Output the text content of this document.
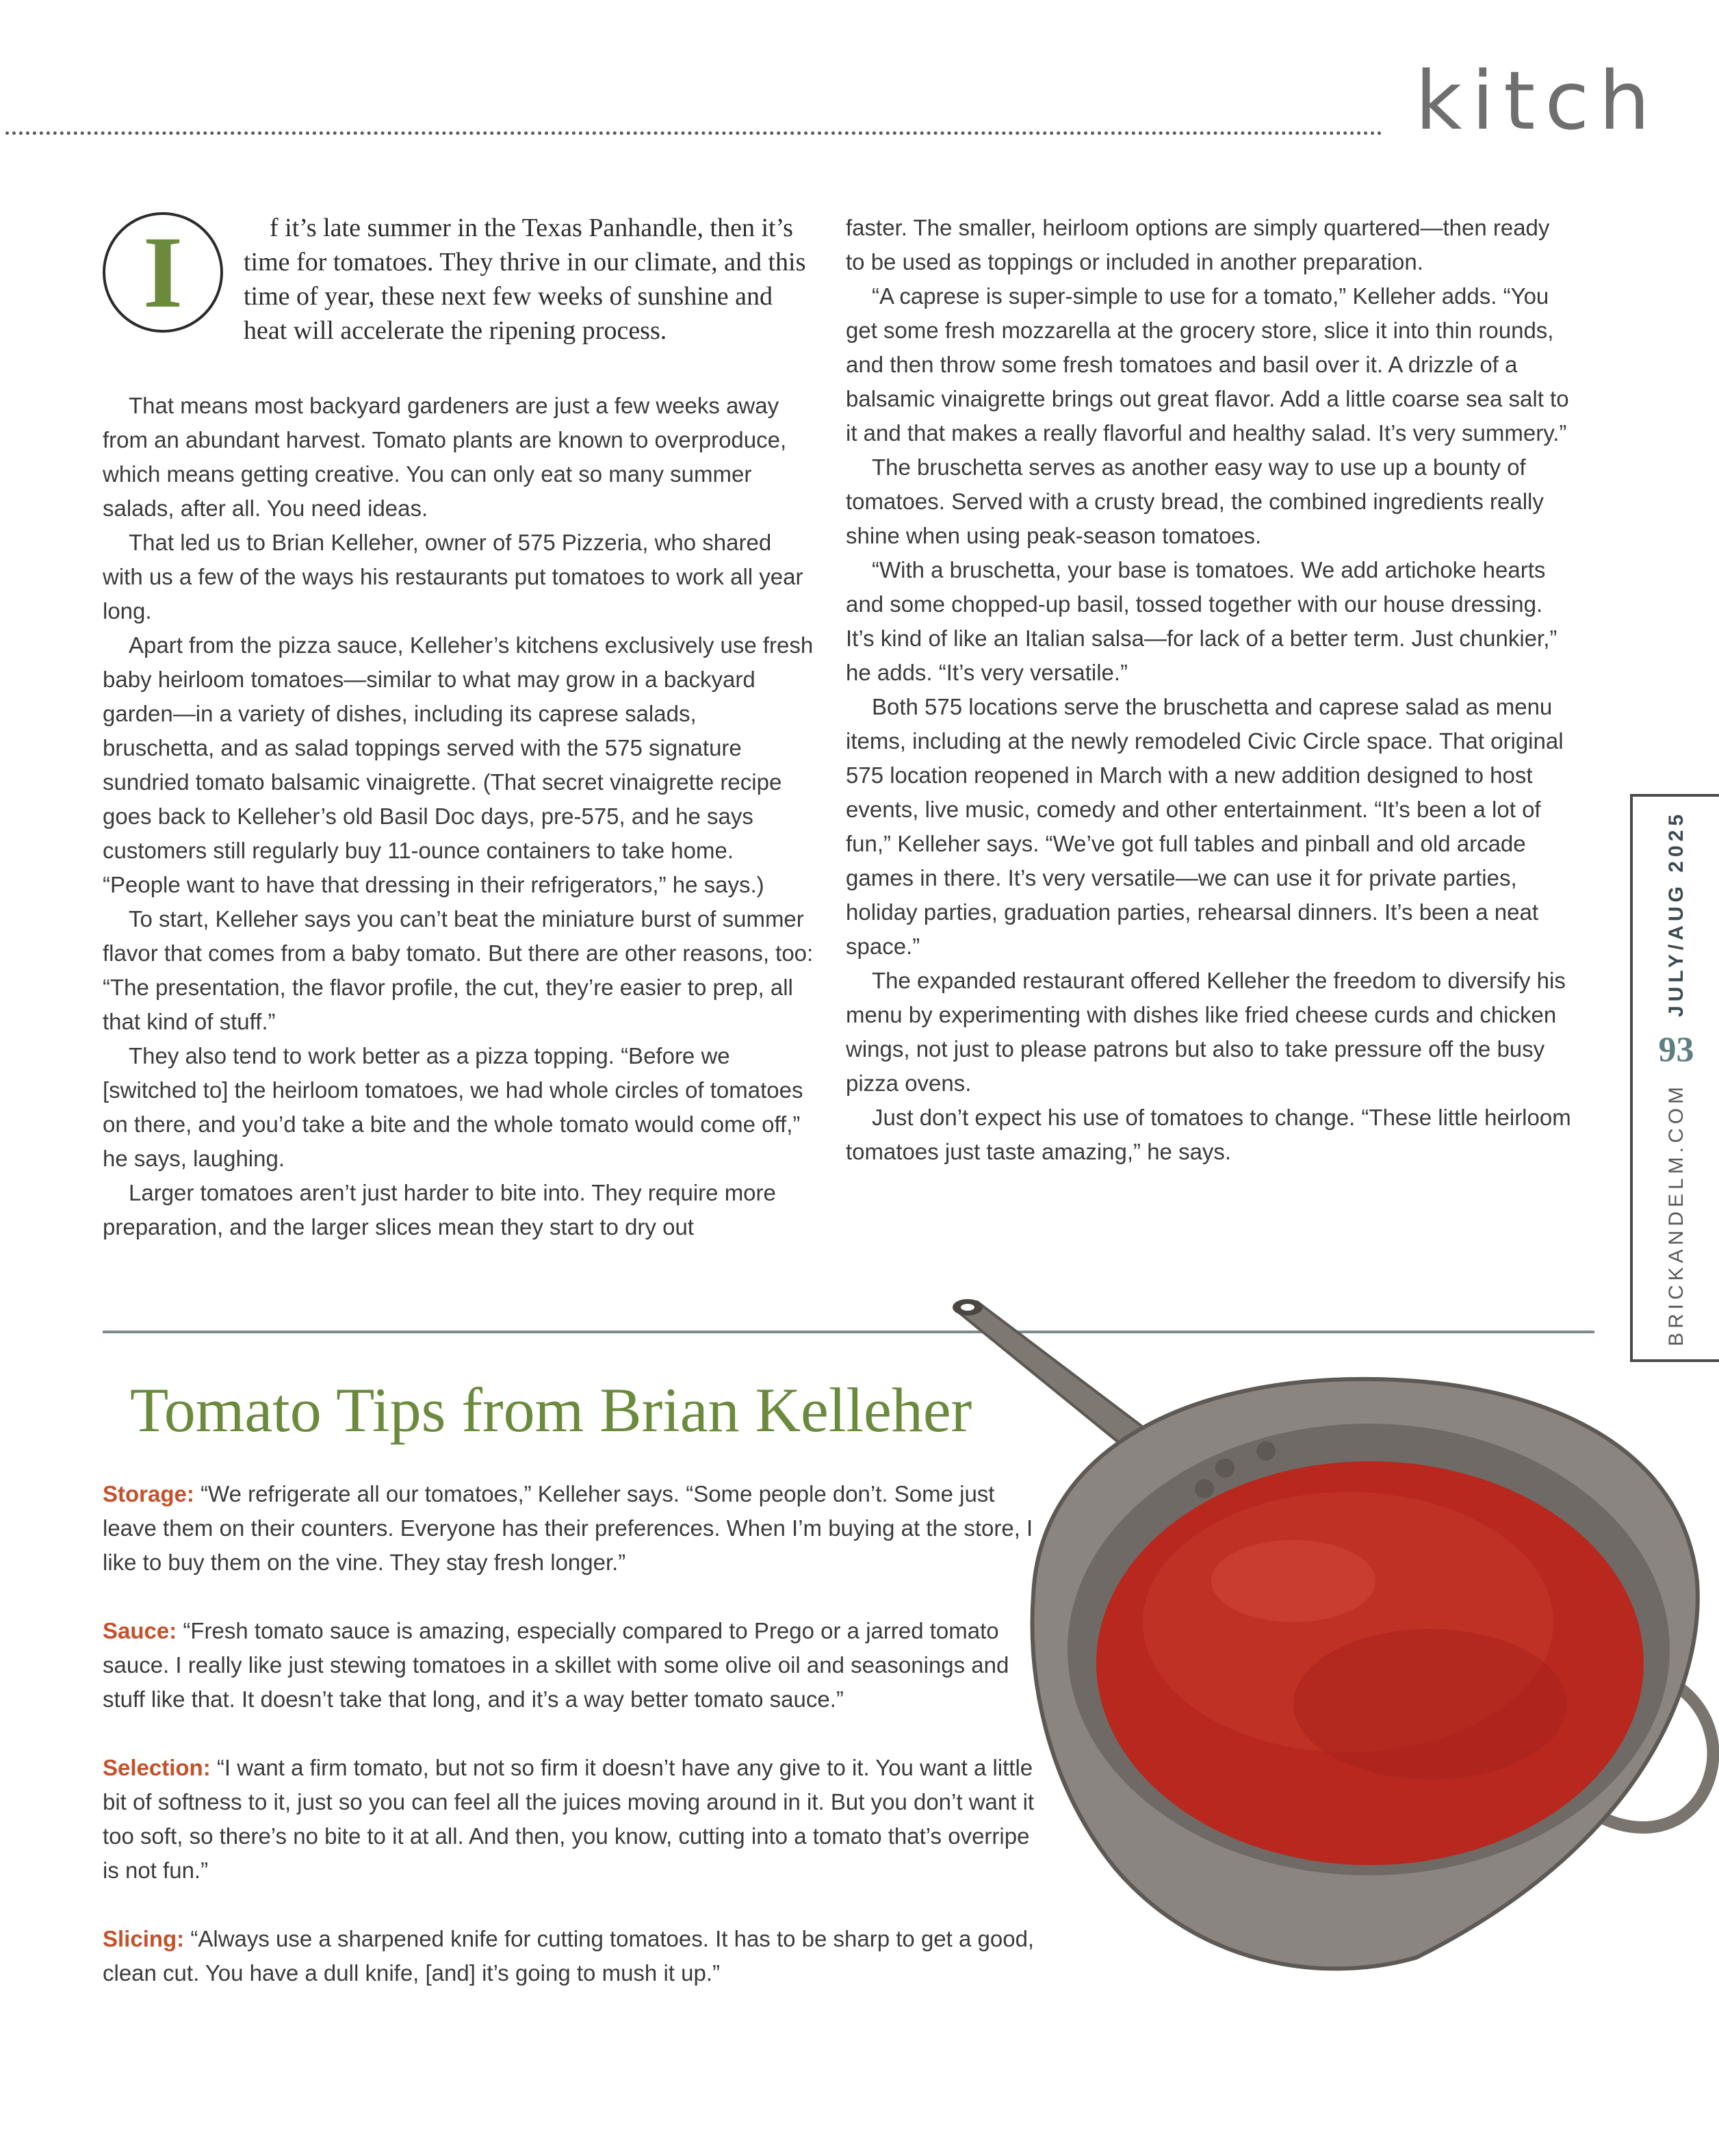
kitch
I	f it’s late summer in the Texas Panhandle, then it’s time for tomatoes. They thrive in our climate, and this time of year, these next few weeks of sunshine and heat will accelerate the ripening process.

That means most backyard gardeners are just a few weeks away from an abundant harvest. Tomato plants are known to overproduce, which means getting creative. You can only eat so many summer salads, after all. You need ideas.

That led us to Brian Kelleher, owner of 575 Pizzeria, who shared with us a few of the ways his restaurants put tomatoes to work all year long.

Apart from the pizza sauce, Kelleher’s kitchens exclusively use fresh baby heirloom tomatoes—similar to what may grow in a backyard garden—in a variety of dishes, including its caprese salads, bruschetta, and as salad toppings served with the 575 signature sundried tomato balsamic vinaigrette. (That secret vinaigrette recipe goes back to Kelleher’s old Basil Doc days, pre-575, and he says customers still regularly buy 11-ounce containers to take home. “People want to have that dressing in their refrigerators,” he says.)

To start, Kelleher says you can’t beat the miniature burst of summer flavor that comes from a baby tomato. But there are other reasons, too: “The presentation, the flavor profile, the cut, they’re easier to prep, all that kind of stuff.”

They also tend to work better as a pizza topping. “Before we [switched to] the heirloom tomatoes, we had whole circles of tomatoes on there, and you’d take a bite and the whole tomato would come off,” he says, laughing.

Larger tomatoes aren’t just harder to bite into. They require more preparation, and the larger slices mean they start to dry out

faster. The smaller, heirloom options are simply quartered—then ready to be used as toppings or included in another preparation.

“A caprese is super-simple to use for a tomato,” Kelleher adds. “You get some fresh mozzarella at the grocery store, slice it into thin rounds, and then throw some fresh tomatoes and basil over it. A drizzle of a balsamic vinaigrette brings out great flavor. Add a little coarse sea salt to it and that makes a really flavorful and healthy salad. It’s very summery.”

The bruschetta serves as another easy way to use up a bounty of tomatoes. Served with a crusty bread, the combined ingredients really shine when using peak-season tomatoes.

“With a bruschetta, your base is tomatoes. We add artichoke hearts and some chopped-up basil, tossed together with our house dressing. It’s kind of like an Italian salsa—for lack of a better term. Just chunkier,” he adds. “It’s very versatile.”

Both 575 locations serve the bruschetta and caprese salad as menu items, including at the newly remodeled Civic Circle space. That original 575 location reopened in March with a new addition designed to host events, live music, comedy and other entertainment. “It’s been a lot of fun,” Kelleher says. “We’ve got full tables and pinball and old arcade games in there. It’s very versatile—we can use it for private parties, holiday parties, graduation parties, rehearsal dinners. It’s been a neat space.”

The expanded restaurant offered Kelleher the freedom to diversify his menu by experimenting with dishes like fried cheese curds and chicken wings, not just to please patrons but also to take pressure off the busy pizza ovens.

Just don’t expect his use of tomatoes to change. “These little heirloom tomatoes just taste amazing,” he says.	BRICKANDELM.COM
93
JULY/AUG 2025
Tomato Tips from Brian Kelleher

Storage: “We refrigerate all our tomatoes,” Kelleher says. “Some people don’t. Some just leave them on their counters. Everyone has their preferences. When I’m buying at the store, I like to buy them on the vine. They stay fresh longer.”

Sauce: “Fresh tomato sauce is amazing, especially compared to Prego or a jarred tomato sauce. I really like just stewing tomatoes in a skillet with some olive oil and seasonings and stuff like that. It doesn’t take that long, and it’s a way better tomato sauce.”

Selection: “I want a firm tomato, but not so firm it doesn’t have any give to it. You want a little bit of softness to it, just so you can feel all the juices moving around in it. But you don’t want it too soft, so there’s no bite to it at all. And then, you know, cutting into a tomato that’s overripe is not fun.”

Slicing: “Always use a sharpened knife for cutting tomatoes. It has to be sharp to get a good, clean cut. You have a dull knife, [and] it’s going to mush it up.”
